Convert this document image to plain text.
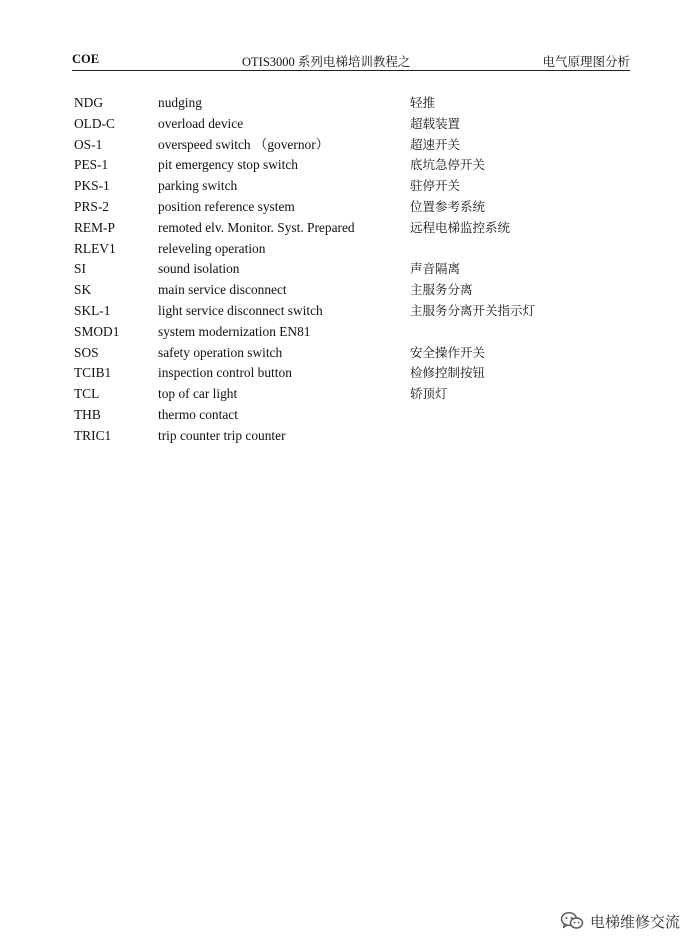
COE	OTIS3000 系列电梯培训教程之	电气原理图分析
NDG	nudging	轻推
OLD-C	overload device	超载装置
OS-1	overspeed switch （governor）	超速开关
PES-1	pit emergency stop switch	底坑急停开关
PKS-1	parking switch	驻停开关
PRS-2	position reference system	位置参考系统
REM-P	remoted elv. Monitor. Syst. Prepared	远程电梯监控系统
RLEV1	releveling operation
SI	sound isolation	声音隔离
SK	main service disconnect	主服务分离
SKL-1	light service disconnect switch	主服务分离开关指示灯
SMOD1	system modernization EN81
SOS	safety operation switch	安全操作开关
TCIB1	inspection control button	检修控制按钮
TCL	top of car light	轿顶灯
THB	thermo contact
TRIC1	trip counter trip counter
电梯维修交流
